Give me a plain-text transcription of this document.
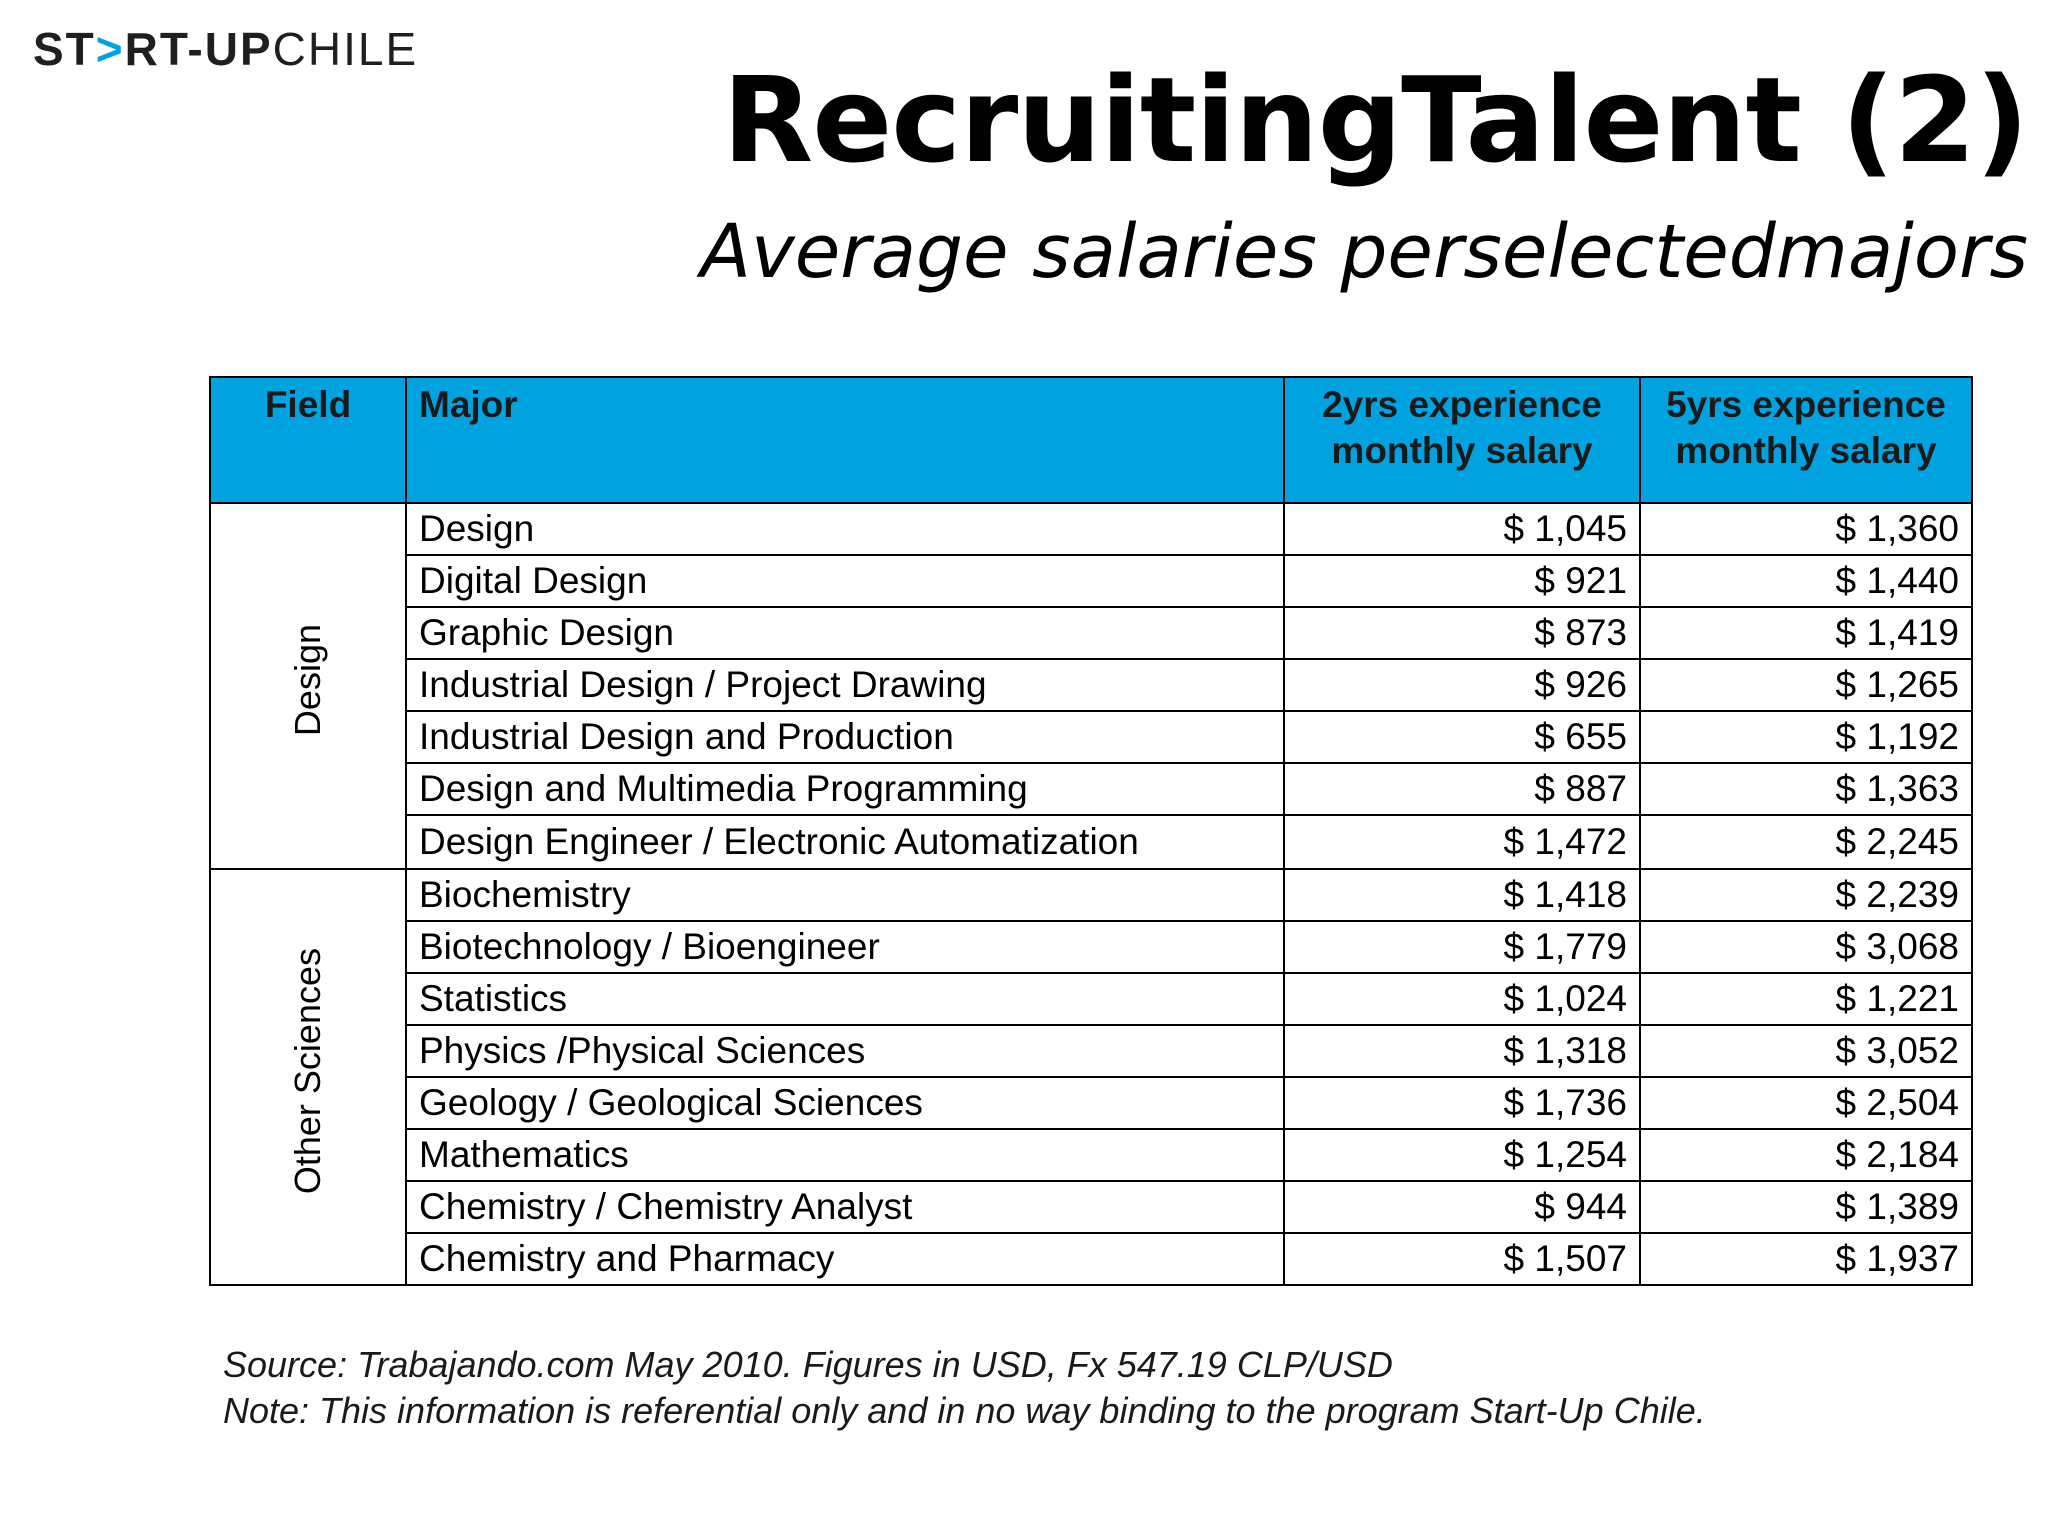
ST>RT-UPCHILE
RecruitingTalent (2)
Average salaries perselectedmajors
Field	Major	2yrs experience monthly salary	5yrs experience monthly salary
Design	Design	$ 1,045	$ 1,360
	Digital Design	$ 921	$ 1,440
	Graphic Design	$ 873	$ 1,419
	Industrial Design / Project Drawing	$ 926	$ 1,265
	Industrial Design and Production	$ 655	$ 1,192
	Design and Multimedia Programming	$ 887	$ 1,363
	Design Engineer / Electronic Automatization	$ 1,472	$ 2,245
Other Sciences	Biochemistry	$ 1,418	$ 2,239
	Biotechnology / Bioengineer	$ 1,779	$ 3,068
	Statistics	$ 1,024	$ 1,221
	Physics /Physical Sciences	$ 1,318	$ 3,052
	Geology / Geological Sciences	$ 1,736	$ 2,504
	Mathematics	$ 1,254	$ 2,184
	Chemistry / Chemistry Analyst	$ 944	$ 1,389
	Chemistry and Pharmacy	$ 1,507	$ 1,937
Source: Trabajando.com May 2010. Figures in USD, Fx 547.19 CLP/USD
Note: This information is referential only and in no way binding to the program Start-Up Chile.
